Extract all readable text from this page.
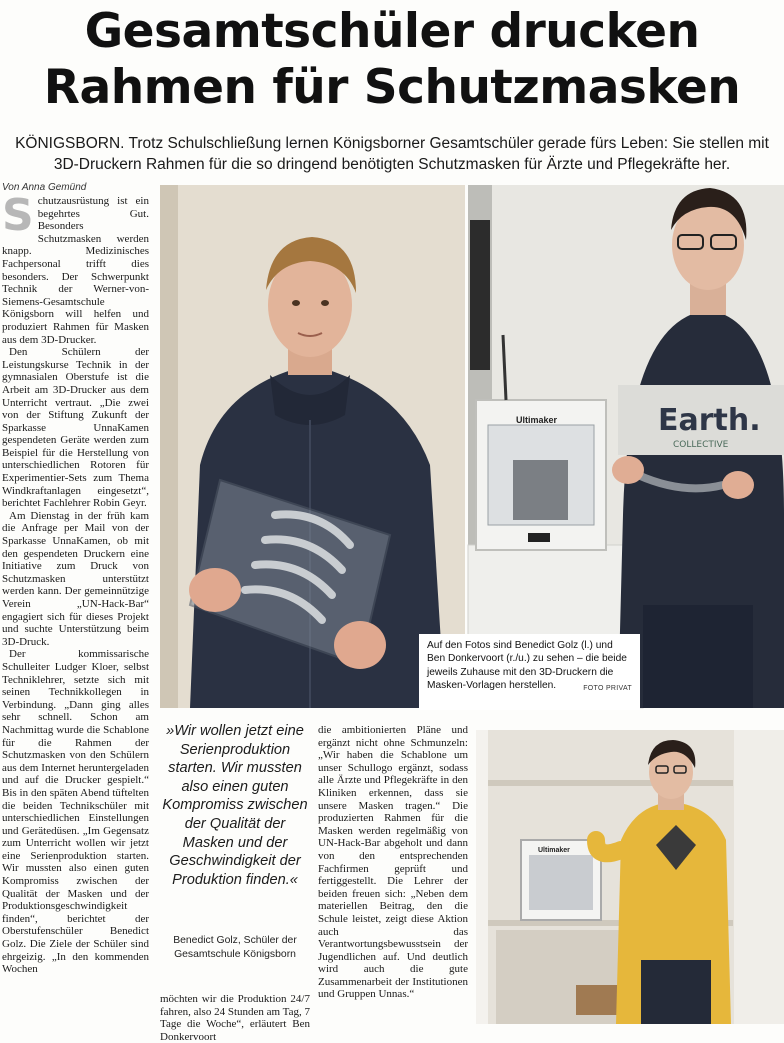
Gesamtschüler drucken
Rahmen für Schutzmasken
KÖNIGSBORN. Trotz Schulschließung lernen Königsborner Gesamtschüler gerade fürs Leben: Sie stellen mit 3D-Druckern Rahmen für die so dringend benötigten Schutzmasken für Ärzte und Pflegekräfte her.
Von Anna Gemünd

Schutzausrüstung ist ein begehrtes Gut. Besonders Schutzmasken werden knapp. Medizinisches Fachpersonal trifft dies besonders. Der Schwerpunkt Technik der Werner-von-Siemens-Gesamtschule Königsborn will helfen und produziert Rahmen für Masken aus dem 3D-Drucker.

Den Schülern der Leistungskurse Technik in der gymnasialen Oberstufe ist die Arbeit am 3D-Drucker aus dem Unterricht vertraut. „Die zwei von der Stiftung Zukunft der Sparkasse UnnaKamen gespendeten Geräte werden zum Beispiel für die Herstellung von unterschiedlichen Rotoren für Experimentier-Sets zum Thema Windkraftanlagen eingesetzt“, berichtet Fachlehrer Robin Geyr.

Am Dienstag in der früh kam die Anfrage per Mail von der Sparkasse UnnaKamen, ob mit den gespendeten Druckern eine Initiative zum Druck von Schutzmasken unterstützt werden kann. Der gemeinnützige Verein „UN-Hack-Bar“ engagiert sich für dieses Projekt und suchte Unterstützung beim 3D-Druck.

Der kommissarische Schulleiter Ludger Kloer, selbst Techniklehrer, setzte sich mit seinen Technikkollegen in Verbindung. „Dann ging alles sehr schnell. Schon am Nachmittag wurde die Schablone für die Rahmen der Schutzmasken von den Schülern aus dem Internet heruntergeladen und auf die Drucker gespielt.“ Bis in den späten Abend tüftelten die beiden Technikschüler mit unterschiedlichen Einstellungen und Gerätedüsen. „Im Gegensatz zum Unterricht wollen wir jetzt eine Serienproduktion starten. Wir mussten also einen guten Kompromiss zwischen der Qualität der Masken und der Produktionsgeschwindigkeit finden“, berichtet der Oberstufenschüler Benedict Golz. Die Ziele der Schüler sind ehrgeizig. „In den kommenden Wochen

Ultimaker	Earth.
COLLECTIVE
Auf den Fotos sind Benedict Golz (l.) und Ben Donkervoort (r./u.) zu sehen – die beide jeweils Zuhause mit den 3D-Druckern die Masken-Vorlagen herstellen.	FOTO PRIVAT
»Wir wollen jetzt eine Serienproduktion starten. Wir mussten also einen guten Kompromiss zwischen der Qualität der Masken und der Geschwindigkeit der Produktion finden.«
Benedict Golz, Schüler der Gesamtschule Königsborn
möchten wir die Produktion 24/7 fahren, also 24 Stunden am Tag, 7 Tage die Woche“, erläutert Ben Donkervoort

die ambitionierten Pläne und ergänzt nicht ohne Schmunzeln: „Wir haben die Schablone um unser Schullogo ergänzt, sodass alle Ärzte und Pflegekräfte in den Kliniken erkennen, dass sie unsere Masken tragen.“ Die produzierten Rahmen für die Masken werden regelmäßig von UN-Hack-Bar abgeholt und dann von den entsprechenden Fachfirmen geprüft und fertiggestellt. Die Lehrer der beiden freuen sich: „Neben dem materiellen Beitrag, den die Schule leistet, zeigt diese Aktion auch das Verantwortungsbewusstsein der Jugendlichen auf. Und deutlich wird auch die gute Zusammenarbeit der Institutionen und Gruppen Unnas.“

Ultimaker
